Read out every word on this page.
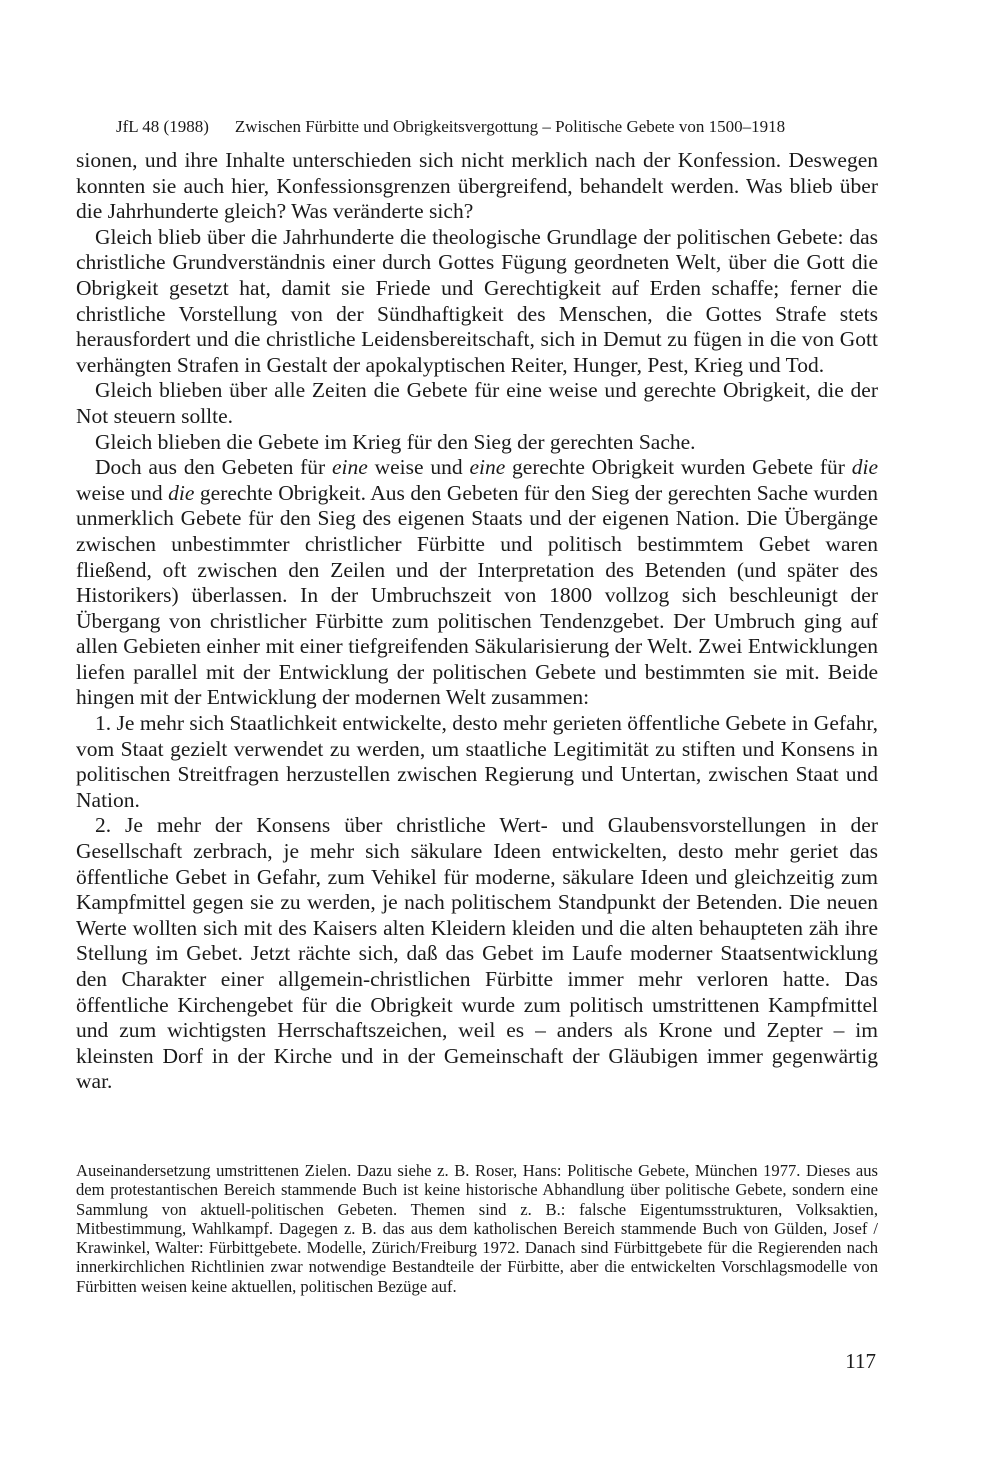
JfL 48 (1988) Zwischen Fürbitte und Obrigkeitsvergottung – Politische Gebete von 1500–1918

sionen, und ihre Inhalte unterschieden sich nicht merklich nach der Konfession. Deswegen konnten sie auch hier, Konfessionsgrenzen übergreifend, behandelt werden. Was blieb über die Jahrhunderte gleich? Was veränderte sich?

Gleich blieb über die Jahrhunderte die theologische Grundlage der politischen Gebete: das christliche Grundverständnis einer durch Gottes Fügung geordneten Welt, über die Gott die Obrigkeit gesetzt hat, damit sie Friede und Gerechtigkeit auf Erden schaffe; ferner die christliche Vorstellung von der Sündhaftigkeit des Menschen, die Gottes Strafe stets herausfordert und die christliche Leidensbereitschaft, sich in Demut zu fügen in die von Gott verhängten Strafen in Gestalt der apokalyptischen Reiter, Hunger, Pest, Krieg und Tod.

Gleich blieben über alle Zeiten die Gebete für eine weise und gerechte Obrigkeit, die der Not steuern sollte.

Gleich blieben die Gebete im Krieg für den Sieg der gerechten Sache.

Doch aus den Gebeten für eine weise und eine gerechte Obrigkeit wurden Gebete für die weise und die gerechte Obrigkeit. Aus den Gebeten für den Sieg der gerechten Sache wurden unmerklich Gebete für den Sieg des eigenen Staats und der eigenen Nation. Die Übergänge zwischen unbestimmter christlicher Fürbitte und politisch bestimmtem Gebet waren fließend, oft zwischen den Zeilen und der Interpretation des Betenden (und später des Historikers) überlassen. In der Umbruchszeit von 1800 vollzog sich beschleunigt der Übergang von christlicher Fürbitte zum politischen Tendenzgebet. Der Umbruch ging auf allen Gebieten einher mit einer tiefgreifenden Säkularisierung der Welt. Zwei Entwicklungen liefen parallel mit der Entwicklung der politischen Gebete und bestimmten sie mit. Beide hingen mit der Entwicklung der modernen Welt zusammen:

1. Je mehr sich Staatlichkeit entwickelte, desto mehr gerieten öffentliche Gebete in Gefahr, vom Staat gezielt verwendet zu werden, um staatliche Legitimität zu stiften und Konsens in politischen Streitfragen herzustellen zwischen Regierung und Untertan, zwischen Staat und Nation.

2. Je mehr der Konsens über christliche Wert- und Glaubensvorstellungen in der Gesellschaft zerbrach, je mehr sich säkulare Ideen entwickelten, desto mehr geriet das öffentliche Gebet in Gefahr, zum Vehikel für moderne, säkulare Ideen und gleichzeitig zum Kampfmittel gegen sie zu werden, je nach politischem Standpunkt der Betenden. Die neuen Werte wollten sich mit des Kaisers alten Kleidern kleiden und die alten behaupteten zäh ihre Stellung im Gebet. Jetzt rächte sich, daß das Gebet im Laufe moderner Staatsentwicklung den Charakter einer allgemein-christlichen Fürbitte immer mehr verloren hatte. Das öffentliche Kirchengebet für die Obrigkeit wurde zum politisch umstrittenen Kampfmittel und zum wichtigsten Herrschaftszeichen, weil es – anders als Krone und Zepter – im kleinsten Dorf in der Kirche und in der Gemeinschaft der Gläubigen immer gegenwärtig war.

Auseinandersetzung umstrittenen Zielen. Dazu siehe z. B. Roser, Hans: Politische Gebete, München 1977. Dieses aus dem protestantischen Bereich stammende Buch ist keine historische Abhandlung über politische Gebete, sondern eine Sammlung von aktuell-politischen Gebeten. Themen sind z. B.: falsche Eigentumsstrukturen, Volksaktien, Mitbestimmung, Wahlkampf. Dagegen z. B. das aus dem katholischen Bereich stammende Buch von Gülden, Josef / Krawinkel, Walter: Fürbittgebete. Modelle, Zürich/Freiburg 1972. Danach sind Fürbittgebete für die Regierenden nach innerkirchlichen Richtlinien zwar notwendige Bestandteile der Fürbitte, aber die entwickelten Vorschlagsmodelle von Fürbitten weisen keine aktuellen, politischen Bezüge auf.
117
